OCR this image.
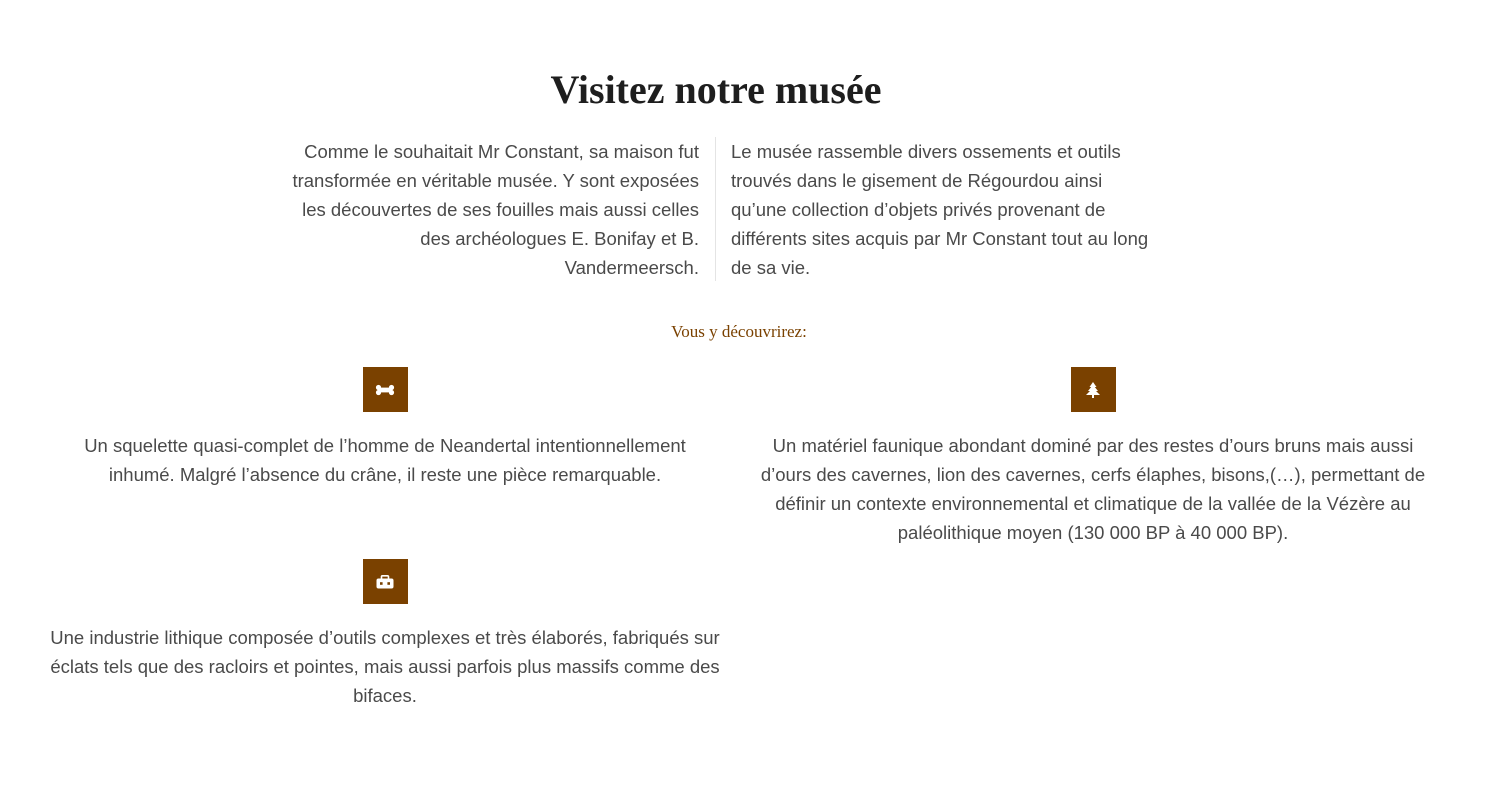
Visitez notre musée
Comme le souhaitait Mr Constant, sa maison fut transformée en véritable musée. Y sont exposées les découvertes de ses fouilles mais aussi celles des archéologues E. Bonifay et B. Vandermeersch.
Le musée rassemble divers ossements et outils trouvés dans le gisement de Régourdou ainsi qu’une collection d’objets privés provenant de différents sites acquis par Mr Constant tout au long de sa vie.
Vous y découvrirez:
Un squelette quasi-complet de l’homme de Neandertal intentionnellement inhumé. Malgré l’absence du crâne, il reste une pièce remarquable.
Un matériel faunique abondant dominé par des restes d’ours bruns mais aussi d’ours des cavernes, lion des cavernes, cerfs élaphes, bisons,(…), permettant de définir un contexte environnemental et climatique de la vallée de la Vézère au paléolithique moyen (130 000 BP à 40 000 BP).
Une industrie lithique composée d’outils complexes et très élaborés, fabriqués sur éclats tels que des racloirs et pointes, mais aussi parfois plus massifs comme des bifaces.
